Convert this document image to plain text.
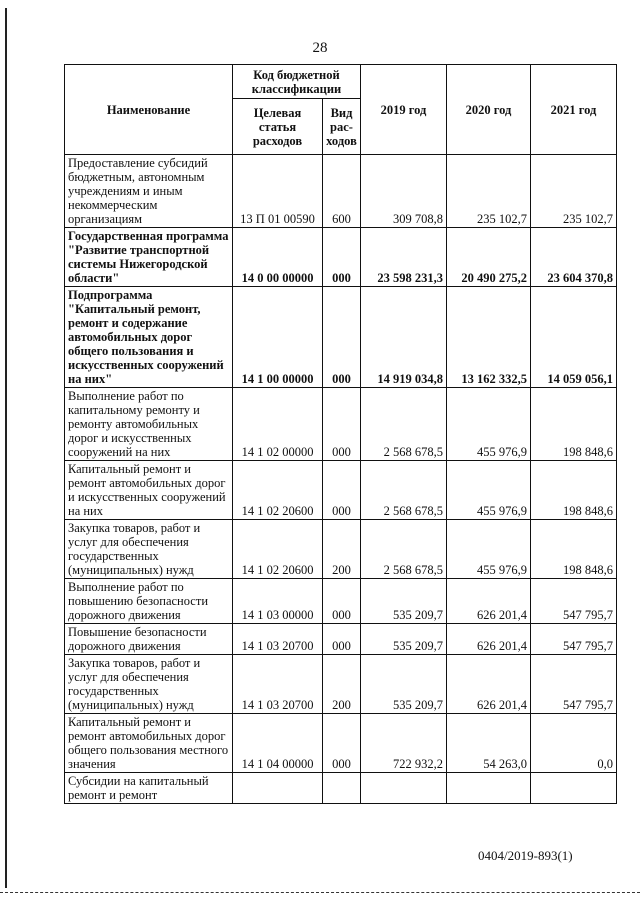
28
Наименование	Код бюджетной классификации		2019 год	2020 год	2021 год
	Целевая статья расходов	Вид рас- ходов			
Предоставление субсидий бюджетным, автономным учреждениям и иным некоммерческим организациям	13 П 01 00590	600	309 708,8	235 102,7	235 102,7
Государственная программа "Развитие транспортной системы Нижегородской области"	14 0 00 00000	000	23 598 231,3	20 490 275,2	23 604 370,8
Подпрограмма "Капитальный ремонт, ремонт и содержание автомобильных дорог общего пользования и искусственных сооружений на них"	14 1 00 00000	000	14 919 034,8	13 162 332,5	14 059 056,1
Выполнение работ по капитальному ремонту и ремонту автомобильных дорог и искусственных сооружений на них	14 1 02 00000	000	2 568 678,5	455 976,9	198 848,6
Капитальный ремонт и ремонт автомобильных дорог и искусственных сооружений на них	14 1 02 20600	000	2 568 678,5	455 976,9	198 848,6
Закупка товаров, работ и услуг для обеспечения государственных (муниципальных) нужд	14 1 02 20600	200	2 568 678,5	455 976,9	198 848,6
Выполнение работ по повышению безопасности дорожного движения	14 1 03 00000	000	535 209,7	626 201,4	547 795,7
Повышение безопасности дорожного движения	14 1 03 20700	000	535 209,7	626 201,4	547 795,7
Закупка товаров, работ и услуг для обеспечения государственных (муниципальных) нужд	14 1 03 20700	200	535 209,7	626 201,4	547 795,7
Капитальный ремонт и ремонт автомобильных дорог общего пользования местного значения	14 1 04 00000	000	722 932,2	54 263,0	0,0
Субсидии на капитальный ремонт и ремонт					
0404/2019-893(1)
